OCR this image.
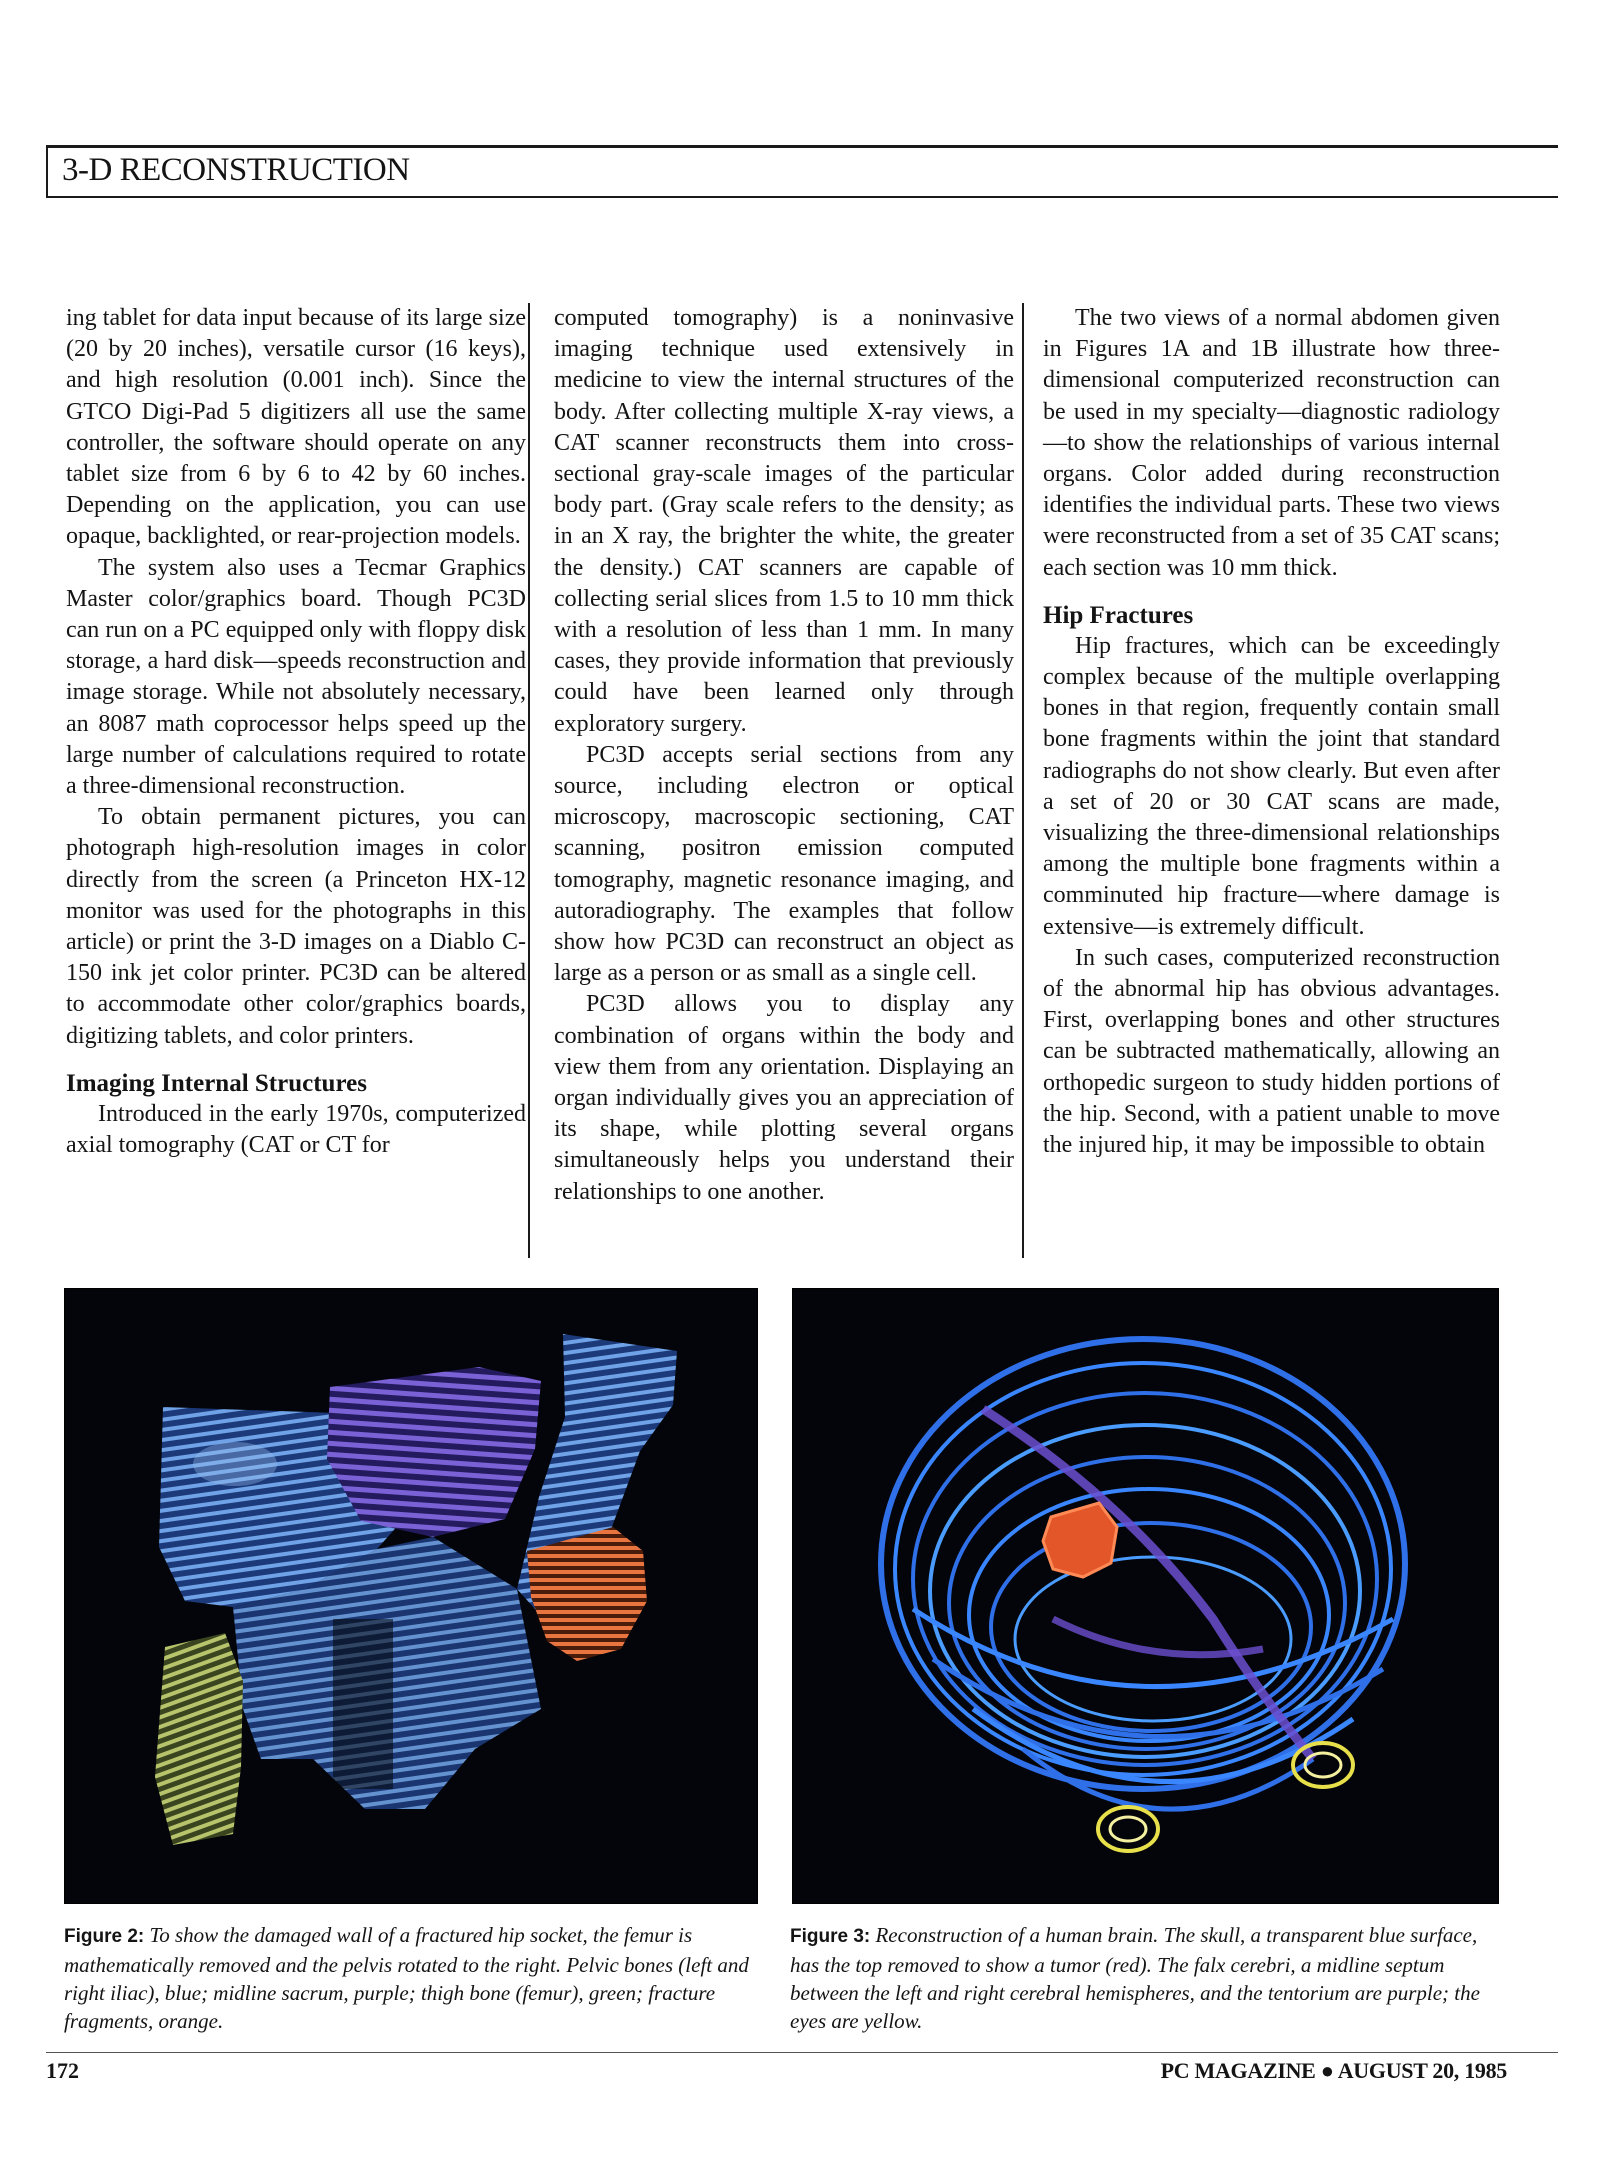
3-D RECONSTRUCTION

ing tablet for data input because of its large size (20 by 20 inches), versatile cursor (16 keys), and high resolution (0.001 inch). Since the GTCO Digi-Pad 5 digitizers all use the same controller, the software should operate on any tablet size from 6 by 6 to 42 by 60 inches. Depending on the application, you can use opaque, backlighted, or rear-projection models.

The system also uses a Tecmar Graphics Master color/graphics board. Though PC3D can run on a PC equipped only with floppy disk storage, a hard disk—speeds reconstruction and image storage. While not absolutely necessary, an 8087 math coprocessor helps speed up the large number of calculations required to rotate a three-dimensional reconstruction.

To obtain permanent pictures, you can photograph high-resolution images in color directly from the screen (a Princeton HX-12 monitor was used for the photographs in this article) or print the 3-D images on a Diablo C-150 ink jet color printer. PC3D can be altered to accommodate other color/graphics boards, digitizing tablets, and color printers.

Imaging Internal Structures

Introduced in the early 1970s, computerized axial tomography (CAT or CT for

computed tomography) is a noninvasive imaging technique used extensively in medicine to view the internal structures of the body. After collecting multiple X-ray views, a CAT scanner reconstructs them into cross-sectional gray-scale images of the particular body part. (Gray scale refers to the density; as in an X ray, the brighter the white, the greater the density.) CAT scanners are capable of collecting serial slices from 1.5 to 10 mm thick with a resolution of less than 1 mm. In many cases, they provide information that previously could have been learned only through exploratory surgery.

PC3D accepts serial sections from any source, including electron or optical microscopy, macroscopic sectioning, CAT scanning, positron emission computed tomography, magnetic resonance imaging, and autoradiography. The examples that follow show how PC3D can reconstruct an object as large as a person or as small as a single cell.

PC3D allows you to display any combination of organs within the body and view them from any orientation. Displaying an organ individually gives you an appreciation of its shape, while plotting several organs simultaneously helps you understand their relationships to one another.

The two views of a normal abdomen given in Figures 1A and 1B illustrate how three-dimensional computerized reconstruction can be used in my specialty—diagnostic radiology—to show the relationships of various internal organs. Color added during reconstruction identifies the individual parts. These two views were reconstructed from a set of 35 CAT scans; each section was 10 mm thick.

Hip Fractures

Hip fractures, which can be exceedingly complex because of the multiple overlapping bones in that region, frequently contain small bone fragments within the joint that standard radiographs do not show clearly. But even after a set of 20 or 30 CAT scans are made, visualizing the three-dimensional relationships among the multiple bone fragments within a comminuted hip fracture—where damage is extensive—is extremely difficult.

In such cases, computerized reconstruction of the abnormal hip has obvious advantages. First, overlapping bones and other structures can be subtracted mathematically, allowing an orthopedic surgeon to study hidden portions of the hip. Second, with a patient unable to move the injured hip, it may be impossible to obtain

Figure 2: To show the damaged wall of a fractured hip socket, the femur is mathematically removed and the pelvis rotated to the right. Pelvic bones (left and right iliac), blue; midline sacrum, purple; thigh bone (femur), green; fracture fragments, orange.
Figure 3: Reconstruction of a human brain. The skull, a transparent blue surface, has the top removed to show a tumor (red). The falx cerebri, a midline septum between the left and right cerebral hemispheres, and the tentorium are purple; the eyes are yellow.
172	PC MAGAZINE ● AUGUST 20, 1985
